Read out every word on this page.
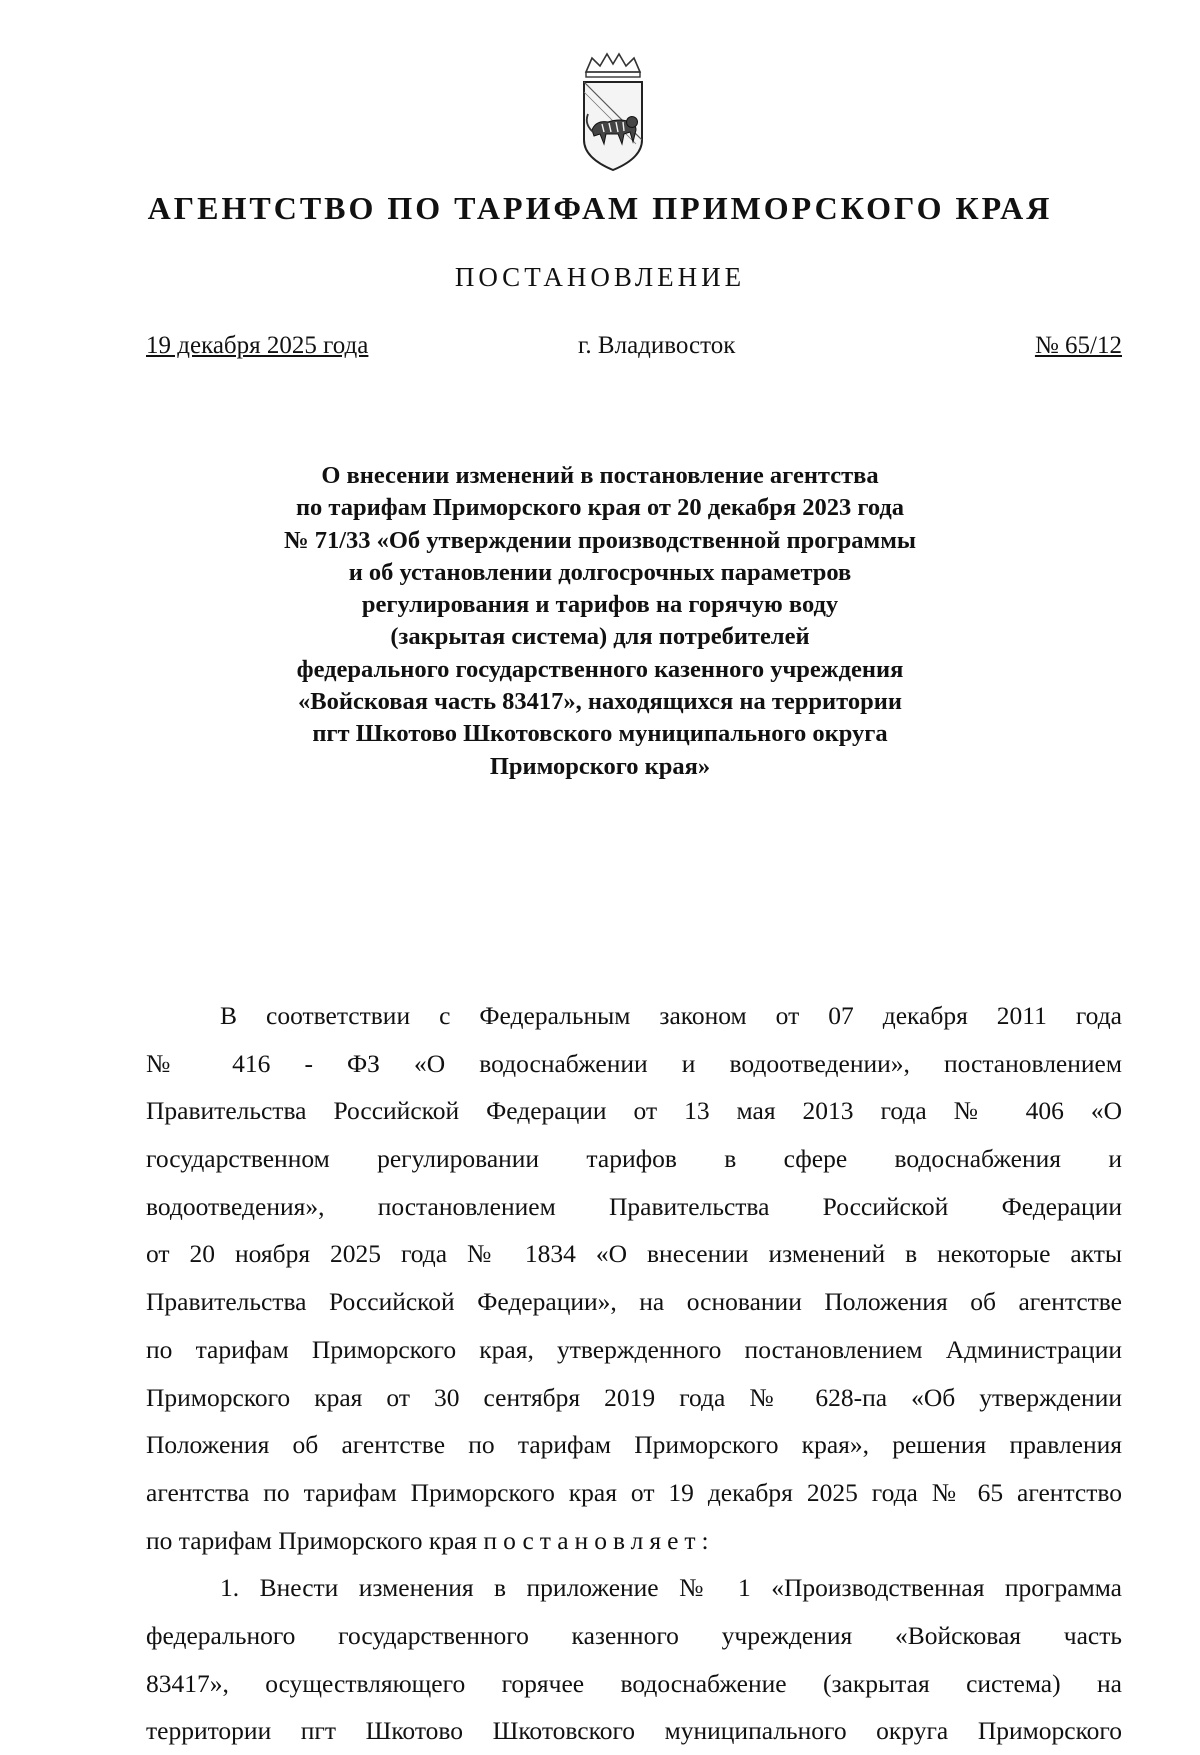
АГЕНТСТВО ПО ТАРИФАМ ПРИМОРСКОГО КРАЯ
ПОСТАНОВЛЕНИЕ
19 декабря 2025 года	г. Владивосток	№ 65/12
О внесении изменений в постановление агентства
по тарифам Приморского края от 20 декабря 2023 года
№ 71/33 «Об утверждении производственной программы
и об установлении долгосрочных параметров
регулирования и тарифов на горячую воду
(закрытая система) для потребителей
федерального государственного казенного учреждения
«Войсковая часть 83417», находящихся на территории
пгт Шкотово Шкотовского муниципального округа
Приморского края»
В соответствии с Федеральным законом от 07 декабря 2011 года
№ 416 - ФЗ «О водоснабжении и водоотведении», постановлением
Правительства Российской Федерации от 13 мая 2013 года № 406 «О
государственном регулировании тарифов в сфере водоснабжения и
водоотведения», постановлением Правительства Российской Федерации
от 20 ноября 2025 года № 1834 «О внесении изменений в некоторые акты
Правительства Российской Федерации», на основании Положения об агентстве
по тарифам Приморского края, утвержденного постановлением Администрации
Приморского края от 30 сентября 2019 года № 628-па «Об утверждении
Положения об агентстве по тарифам Приморского края», решения правления
агентства по тарифам Приморского края от 19 декабря 2025 года № 65 агентство
по тарифам Приморского края постановляет:
1. Внести изменения в приложение № 1 «Производственная программа
федерального государственного казенного учреждения «Войсковая часть
83417», осуществляющего горячее водоснабжение (закрытая система) на
территории пгт Шкотово Шкотовского муниципального округа Приморского
